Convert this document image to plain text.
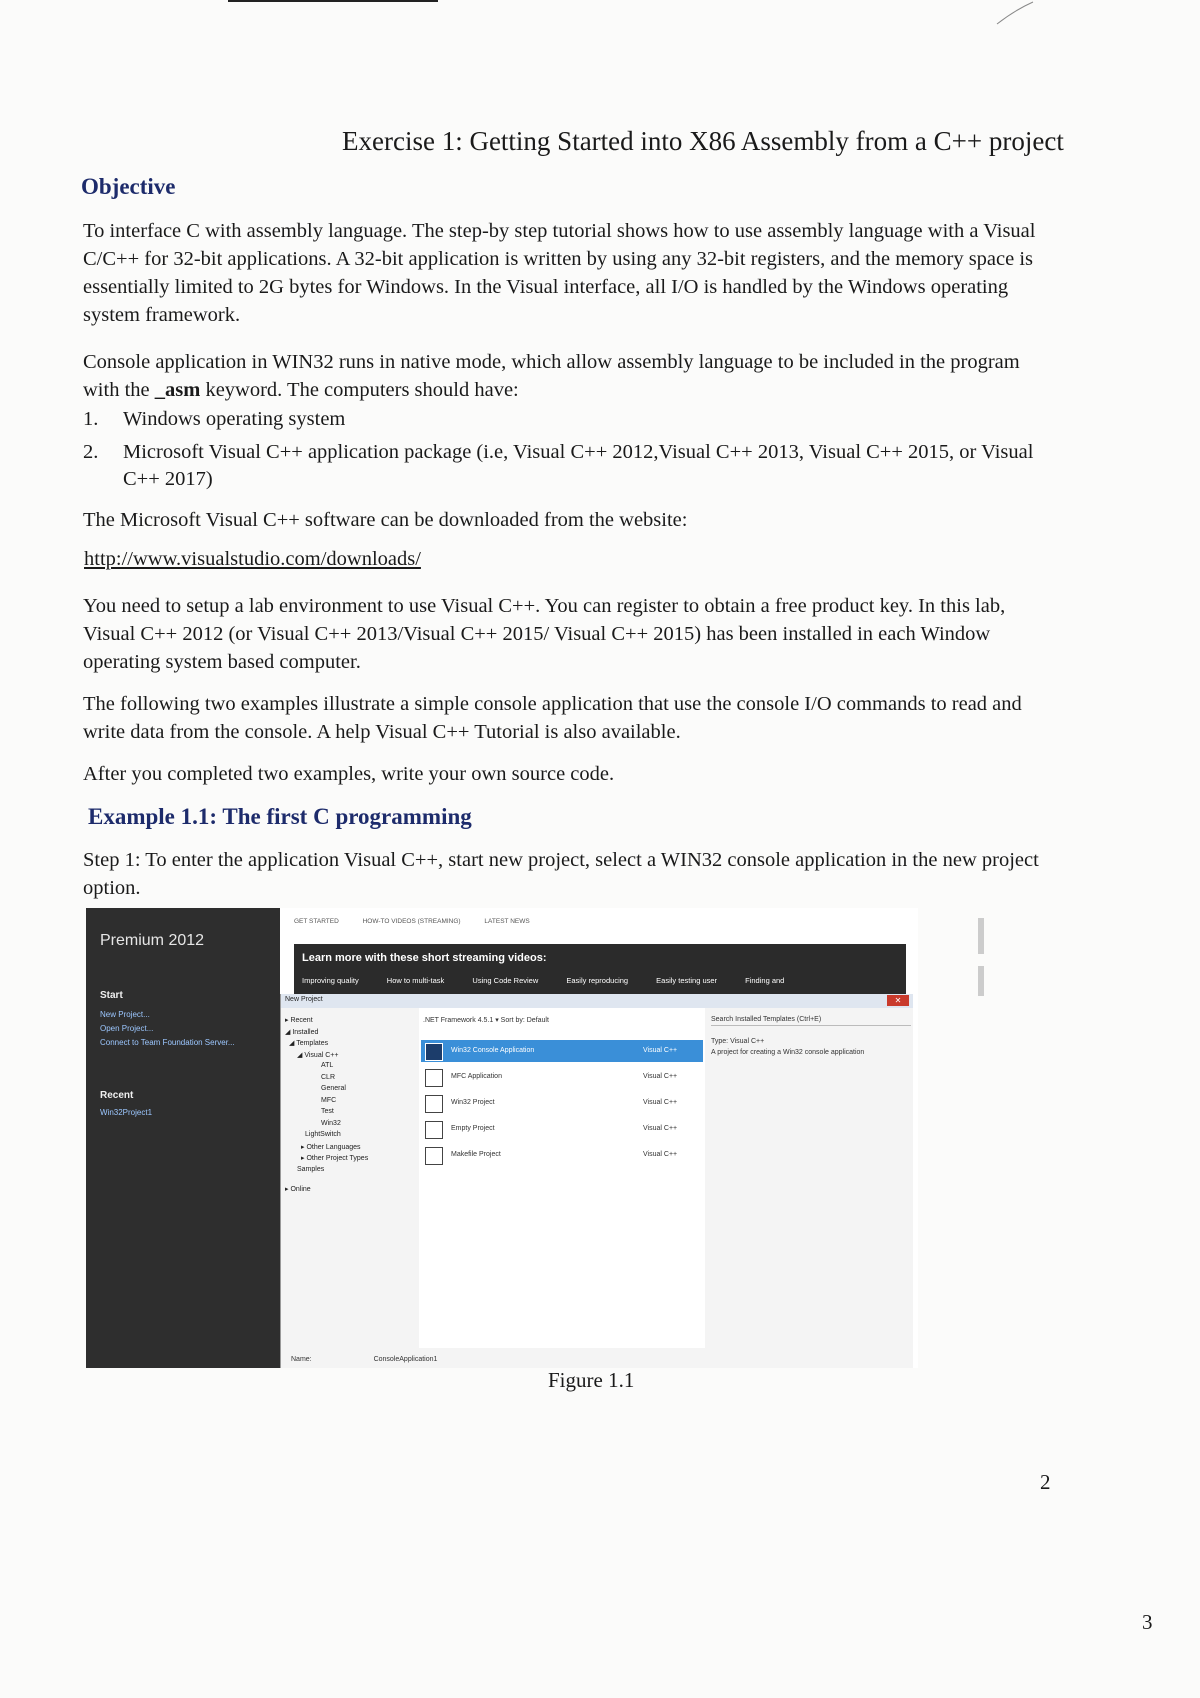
Exercise 1: Getting Started into X86 Assembly from a C++ project
Objective
To interface C with assembly language. The step-by step tutorial shows how to use assembly language with a Visual C/C++ for 32-bit applications. A 32-bit application is written by using any 32-bit registers, and the memory space is essentially limited to 2G bytes for Windows. In the Visual interface, all I/O is handled by the Windows operating system framework.
Console application in WIN32 runs in native mode, which allow assembly language to be included in the program with the _asm keyword. The computers should have:
1. Windows operating system
2. Microsoft Visual C++ application package (i.e, Visual C++ 2012,Visual C++ 2013, Visual C++ 2015, or Visual C++ 2017)
The Microsoft Visual C++ software can be downloaded from the website:
http://www.visualstudio.com/downloads/
You need to setup a lab environment to use Visual C++. You can register to obtain a free product key. In this lab, Visual C++ 2012 (or Visual C++ 2013/Visual C++ 2015/ Visual C++ 2015) has been installed in each Window operating system based computer.
The following two examples illustrate a simple console application that use the console I/O commands to read and write data from the console. A help Visual C++ Tutorial is also available.
After you completed two examples, write your own source code.
Example 1.1: The first C programming
Step 1: To enter the application Visual C++, start new project, select a WIN32 console application in the new project option.
Premium 2012
Start
New Project...
Open Project...
Connect to Team Foundation Server...
Recent
Win32Project1
GET STARTED	HOW-TO VIDEOS (STREAMING)	LATEST NEWS
Learn more with these short streaming videos:
Improving quality	How to multi-task	Using Code Review	Easily reproducing	Easily testing user	Finding and
New Project	✕
▸ Recent
◢ Installed
◢ Templates
◢ Visual C++
ATL
CLR
General
MFC
Test
Win32
LightSwitch
▸ Other Languages
▸ Other Project Types
Samples
▸ Online
.NET Framework 4.5.1 ▾ Sort by: Default
Win32 Console Application	Visual C++
MFC Application	Visual C++
Win32 Project	Visual C++
Empty Project	Visual C++
Makefile Project	Visual C++
Search Installed Templates (Ctrl+E)
Type: Visual C++
A project for creating a Win32 console application
Name:	ConsoleApplication1
Figure 1.1
2
3
